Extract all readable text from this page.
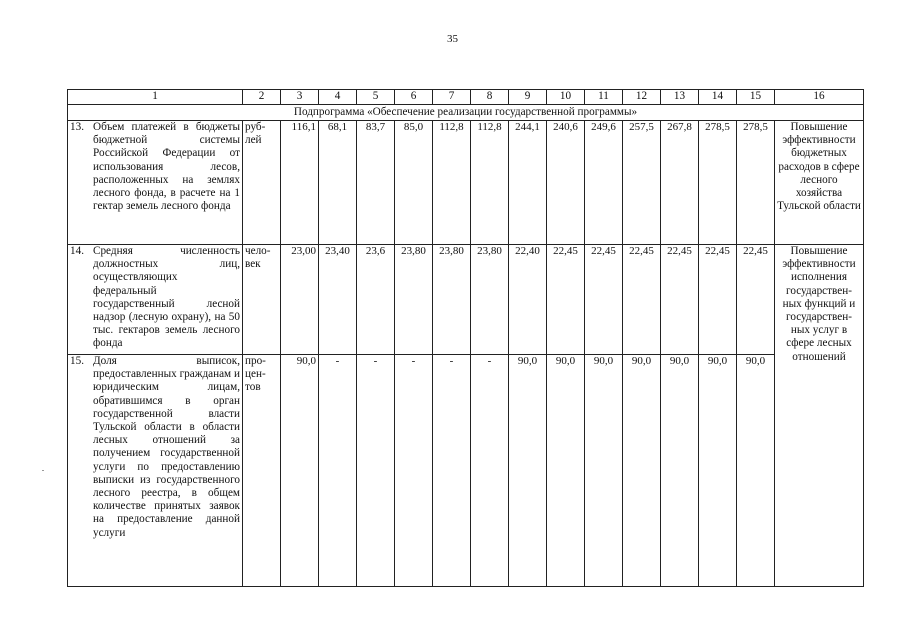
35
1	2	3	4	5	6	7	8	9	10	11	12	13	14	15	16
Подпрограмма «Обеспечение реализации государственной программы»															

13. Объем платежей в бюджеты бюджетной системы Российской Федерации от использования лесов, расположенных на землях лесного фонда, в расчете на 1 гектар земель лесного фонда	руб-лей	116,1	68,1	83,7	85,0	112,8	112,8	244,1	240,6	249,6	257,5	267,8	278,5	278,5	Повышение эффективности бюджетных расходов в сфере лесного хозяйства Тульской области

14. Средняя численность должностных лиц, осуществляющих федеральный государственный лесной надзор (лесную охрану), на 50 тыс. гектаров земель лесного фонда	чело-век	23,00	23,40	23,6	23,80	23,80	23,80	22,40	22,45	22,45	22,45	22,45	22,45	22,45	Повышение эффективности исполнения государствен-ных функций и государствен-ных услуг в сфере лесных отношений

15. Доля выписок, предоставленных гражданам и юридическим лицам, обратившимся в орган государственной власти Тульской области в области лесных отношений за получением государственной услуги по предоставлению выписки из государственного лесного реестра, в общем количестве принятых заявок на предоставление данной услуги	про-цен-тов	90,0	-	-	-	-	-	90,0	90,0	90,0	90,0	90,0	90,0	90,0	
